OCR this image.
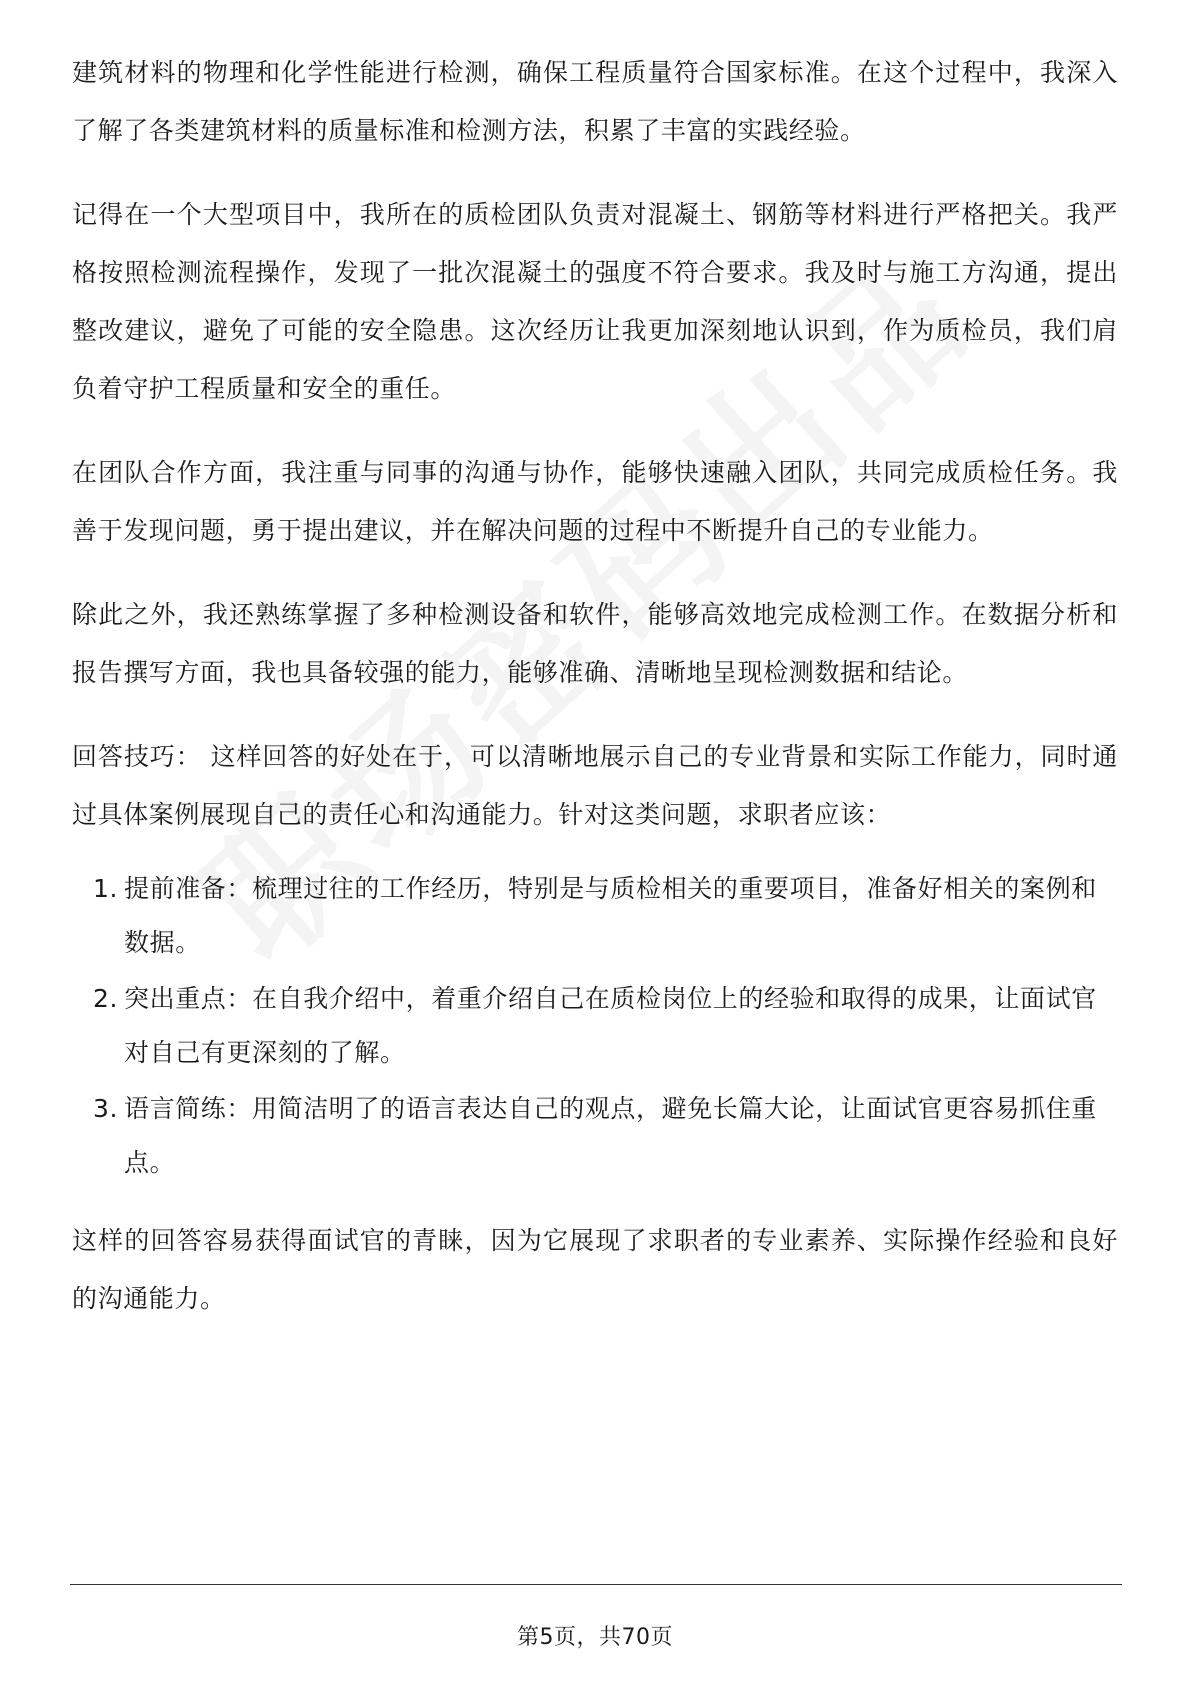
建筑材料的物理和化学性能进行检测，确保工程质量符合国家标准。在这个过程中，我深入了解了各类建筑材料的质量标准和检测方法，积累了丰富的实践经验。

记得在一个大型项目中，我所在的质检团队负责对混凝土、钢筋等材料进行严格把关。我严格按照检测流程操作，发现了一批次混凝土的强度不符合要求。我及时与施工方沟通，提出整改建议，避免了可能的安全隐患。这次经历让我更加深刻地认识到，作为质检员，我们肩负着守护工程质量和安全的重任。

在团队合作方面，我注重与同事的沟通与协作，能够快速融入团队，共同完成质检任务。我善于发现问题，勇于提出建议，并在解决问题的过程中不断提升自己的专业能力。

除此之外，我还熟练掌握了多种检测设备和软件，能够高效地完成检测工作。在数据分析和报告撰写方面，我也具备较强的能力，能够准确、清晰地呈现检测数据和结论。

回答技巧： 这样回答的好处在于，可以清晰地展示自己的专业背景和实际工作能力，同时通过具体案例展现自己的责任心和沟通能力。针对这类问题，求职者应该：

1. 提前准备：梳理过往的工作经历，特别是与质检相关的重要项目，准备好相关的案例和数据。
2. 突出重点：在自我介绍中，着重介绍自己在质检岗位上的经验和取得的成果，让面试官对自己有更深刻的了解。
3. 语言简练：用简洁明了的语言表达自己的观点，避免长篇大论，让面试官更容易抓住重点。

这样的回答容易获得面试官的青睐，因为它展现了求职者的专业素养、实际操作经验和良好的沟通能力。

第5页，共70页
